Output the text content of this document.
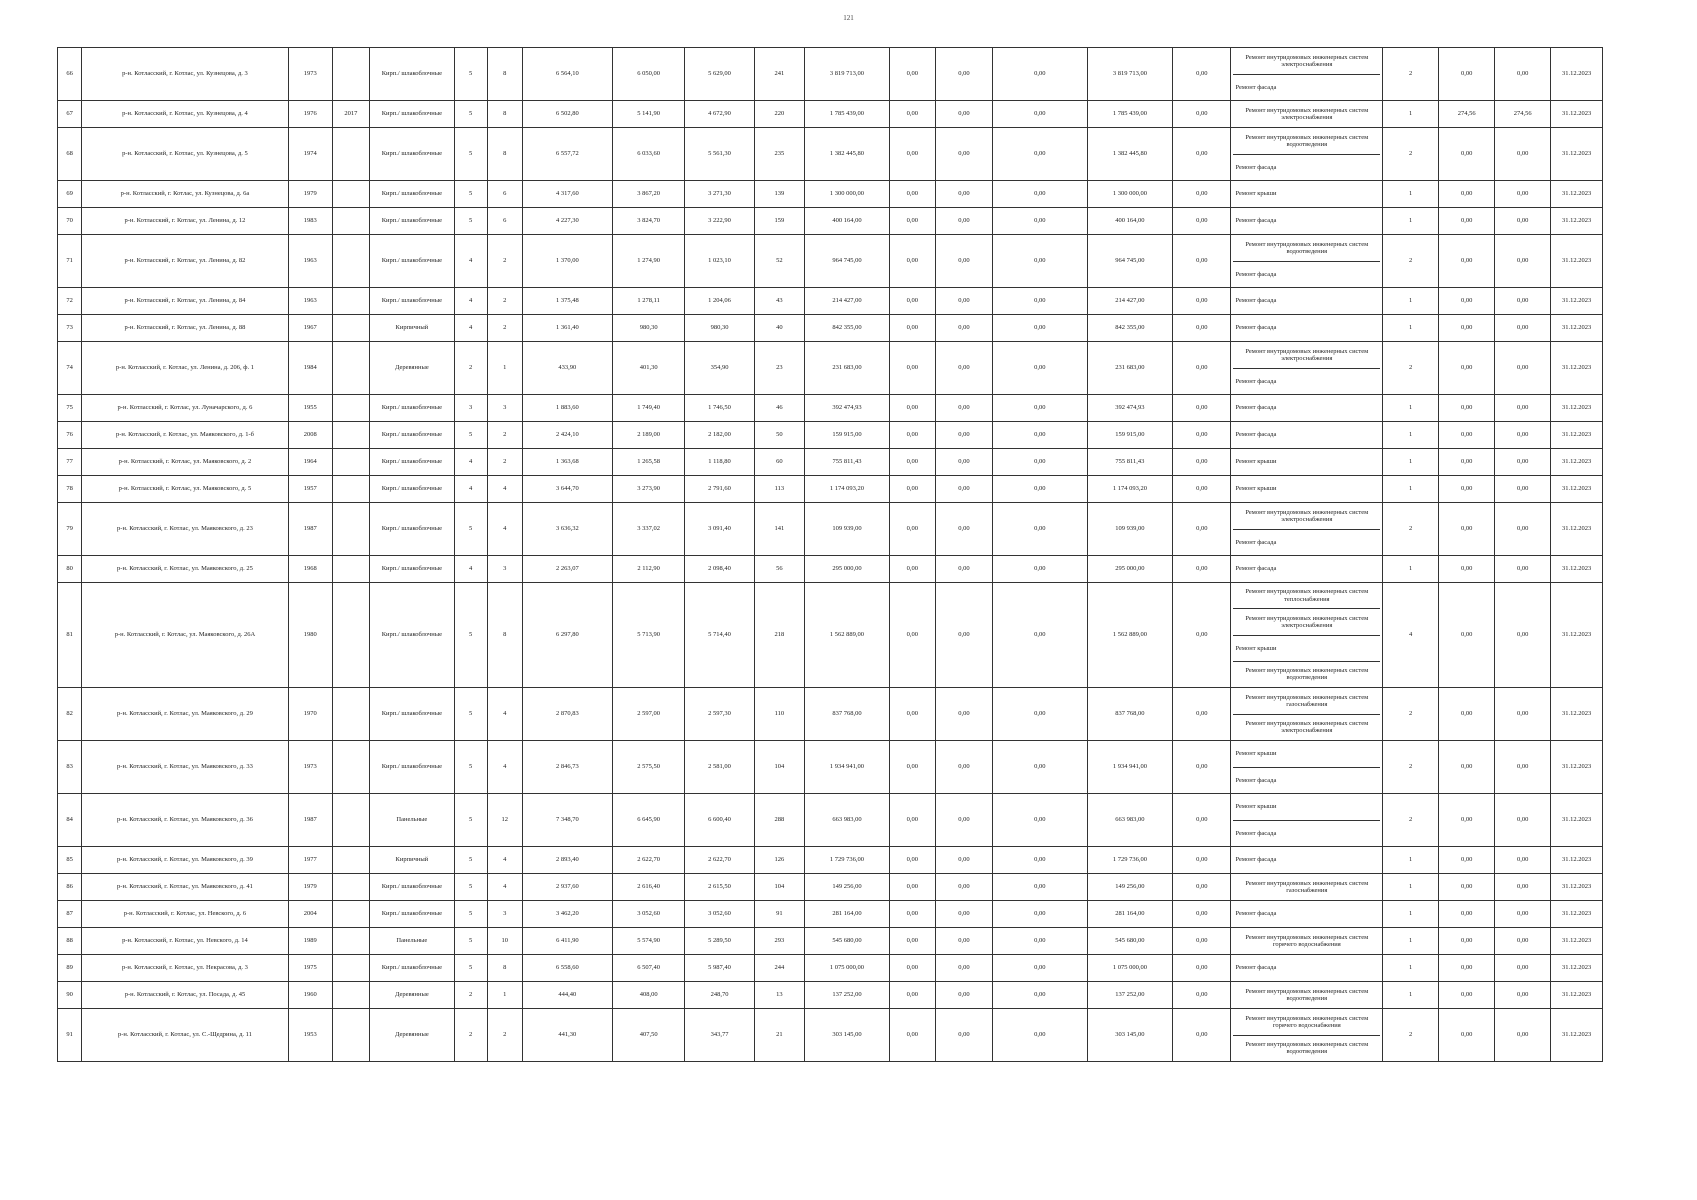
121
66	р-н. Котласский, г. Котлас, ул. Кузнецова, д. 3	1973		Кирп./ шлакоблочные	5	8	6 564,10	6 050,00	5 629,00	241	3 819 713,00	0,00	0,00	0,00	3 819 713,00	0,00	Ремонт внутридомовых инженерных систем электроснабжения
Ремонт фасада	2	0,00	0,00	31.12.2023
67	р-н. Котласский, г. Котлас, ул. Кузнецова, д. 4	1976	2017	Кирп./ шлакоблочные	5	8	6 502,80	5 141,90	4 672,90	220	1 785 439,00	0,00	0,00	0,00	1 785 439,00	0,00	Ремонт внутридомовых инженерных систем электроснабжения	1	274,56	274,56	31.12.2023
68	р-н. Котласский, г. Котлас, ул. Кузнецова, д. 5	1974		Кирп./ шлакоблочные	5	8	6 557,72	6 033,60	5 561,30	235	1 382 445,80	0,00	0,00	0,00	1 382 445,80	0,00	Ремонт внутридомовых инженерных систем водоотведения
Ремонт фасада	2	0,00	0,00	31.12.2023
69	р-н. Котласский, г. Котлас, ул. Кузнецова, д. 6а	1979		Кирп./ шлакоблочные	5	6	4 317,60	3 867,20	3 271,30	139	1 300 000,00	0,00	0,00	0,00	1 300 000,00	0,00	Ремонт крыши	1	0,00	0,00	31.12.2023
70	р-н. Котласский, г. Котлас, ул. Ленина, д. 12	1983		Кирп./ шлакоблочные	5	6	4 227,30	3 824,70	3 222,90	159	400 164,00	0,00	0,00	0,00	400 164,00	0,00	Ремонт фасада	1	0,00	0,00	31.12.2023
71	р-н. Котласский, г. Котлас, ул. Ленина, д. 82	1963		Кирп./ шлакоблочные	4	2	1 370,00	1 274,90	1 023,10	52	964 745,00	0,00	0,00	0,00	964 745,00	0,00	Ремонт внутридомовых инженерных систем водоотведения
Ремонт фасада	2	0,00	0,00	31.12.2023
72	р-н. Котласский, г. Котлас, ул. Ленина, д. 84	1963		Кирп./ шлакоблочные	4	2	1 375,48	1 278,11	1 204,06	43	214 427,00	0,00	0,00	0,00	214 427,00	0,00	Ремонт фасада	1	0,00	0,00	31.12.2023
73	р-н. Котласский, г. Котлас, ул. Ленина, д. 88	1967		Кирпичный	4	2	1 361,40	980,30	980,30	40	842 355,00	0,00	0,00	0,00	842 355,00	0,00	Ремонт фасада	1	0,00	0,00	31.12.2023
74	р-н. Котласский, г. Котлас, ул. Ленина, д. 206, ф. 1	1984		Деревянные	2	1	433,90	401,30	354,90	23	231 683,00	0,00	0,00	0,00	231 683,00	0,00	Ремонт внутридомовых инженерных систем электроснабжения
Ремонт фасада	2	0,00	0,00	31.12.2023
75	р-н. Котласский, г. Котлас, ул. Луначарского, д. 6	1955		Кирп./ шлакоблочные	3	3	1 883,60	1 749,40	1 746,50	46	392 474,93	0,00	0,00	0,00	392 474,93	0,00	Ремонт фасада	1	0,00	0,00	31.12.2023
76	р-н. Котласский, г. Котлас, ул. Маяковского, д. 1-б	2008		Кирп./ шлакоблочные	5	2	2 424,10	2 189,00	2 182,00	50	159 915,00	0,00	0,00	0,00	159 915,00	0,00	Ремонт фасада	1	0,00	0,00	31.12.2023
77	р-н. Котласский, г. Котлас, ул. Маяковского, д. 2	1964		Кирп./ шлакоблочные	4	2	1 363,68	1 265,58	1 118,80	60	755 811,43	0,00	0,00	0,00	755 811,43	0,00	Ремонт крыши	1	0,00	0,00	31.12.2023
78	р-н. Котласский, г. Котлас, ул. Маяковского, д. 5	1957		Кирп./ шлакоблочные	4	4	3 644,70	3 273,90	2 791,60	113	1 174 093,20	0,00	0,00	0,00	1 174 093,20	0,00	Ремонт крыши	1	0,00	0,00	31.12.2023
79	р-н. Котласский, г. Котлас, ул. Маяковского, д. 23	1987		Кирп./ шлакоблочные	5	4	3 636,32	3 337,02	3 091,40	141	109 939,00	0,00	0,00	0,00	109 939,00	0,00	Ремонт внутридомовых инженерных систем электроснабжения
Ремонт фасада	2	0,00	0,00	31.12.2023
80	р-н. Котласский, г. Котлас, ул. Маяковского, д. 25	1968		Кирп./ шлакоблочные	4	3	2 263,07	2 112,90	2 098,40	56	295 000,00	0,00	0,00	0,00	295 000,00	0,00	Ремонт фасада	1	0,00	0,00	31.12.2023
81	р-н. Котласский, г. Котлас, ул. Маяковского, д. 26А	1980		Кирп./ шлакоблочные	5	8	6 297,80	5 713,90	5 714,40	218	1 562 889,00	0,00	0,00	0,00	1 562 889,00	0,00	Ремонт внутридомовых инженерных систем теплоснабжения
Ремонт внутридомовых инженерных систем электроснабжения
Ремонт крыши
Ремонт внутридомовых инженерных систем водоотведения	4	0,00	0,00	31.12.2023
82	р-н. Котласский, г. Котлас, ул. Маяковского, д. 29	1970		Кирп./ шлакоблочные	5	4	2 870,83	2 597,00	2 597,30	110	837 768,00	0,00	0,00	0,00	837 768,00	0,00	Ремонт внутридомовых инженерных систем газоснабжения
Ремонт внутридомовых инженерных систем электроснабжения	2	0,00	0,00	31.12.2023
83	р-н. Котласский, г. Котлас, ул. Маяковского, д. 33	1973		Кирп./ шлакоблочные	5	4	2 846,73	2 575,50	2 581,00	104	1 934 941,00	0,00	0,00	0,00	1 934 941,00	0,00	Ремонт крыши
Ремонт фасада	2	0,00	0,00	31.12.2023
84	р-н. Котласский, г. Котлас, ул. Маяковского, д. 36	1987		Панельные	5	12	7 348,70	6 645,90	6 600,40	288	663 983,00	0,00	0,00	0,00	663 983,00	0,00	Ремонт крыши
Ремонт фасада	2	0,00	0,00	31.12.2023
85	р-н. Котласский, г. Котлас, ул. Маяковского, д. 39	1977		Кирпичный	5	4	2 893,40	2 622,70	2 622,70	126	1 729 736,00	0,00	0,00	0,00	1 729 736,00	0,00	Ремонт фасада	1	0,00	0,00	31.12.2023
86	р-н. Котласский, г. Котлас, ул. Маяковского, д. 41	1979		Кирп./ шлакоблочные	5	4	2 937,60	2 616,40	2 615,50	104	149 256,00	0,00	0,00	0,00	149 256,00	0,00	Ремонт внутридомовых инженерных систем газоснабжения	1	0,00	0,00	31.12.2023
87	р-н. Котласский, г. Котлас, ул. Невского, д. 6	2004		Кирп./ шлакоблочные	5	3	3 462,20	3 052,60	3 052,60	91	281 164,00	0,00	0,00	0,00	281 164,00	0,00	Ремонт фасада	1	0,00	0,00	31.12.2023
88	р-н. Котласский, г. Котлас, ул. Невского, д. 14	1989		Панельные	5	10	6 411,90	5 574,90	5 289,50	293	545 680,00	0,00	0,00	0,00	545 680,00	0,00	Ремонт внутридомовых инженерных систем горячего водоснабжения	1	0,00	0,00	31.12.2023
89	р-н. Котласский, г. Котлас, ул. Некрасова, д. 3	1975		Кирп./ шлакоблочные	5	8	6 558,60	6 507,40	5 987,40	244	1 075 000,00	0,00	0,00	0,00	1 075 000,00	0,00	Ремонт фасада	1	0,00	0,00	31.12.2023
90	р-н. Котласский, г. Котлас, ул. Посада, д. 45	1960		Деревянные	2	1	444,40	408,00	248,70	13	137 252,00	0,00	0,00	0,00	137 252,00	0,00	Ремонт внутридомовых инженерных систем водоотведения	1	0,00	0,00	31.12.2023
91	р-н. Котласский, г. Котлас, ул. С.-Щедрина, д. 11	1953		Деревянные	2	2	441,30	407,50	343,77	21	303 145,00	0,00	0,00	0,00	303 145,00	0,00	Ремонт внутридомовых инженерных систем горячего водоснабжения
Ремонт внутридомовых инженерных систем водоотведения	2	0,00	0,00	31.12.2023
